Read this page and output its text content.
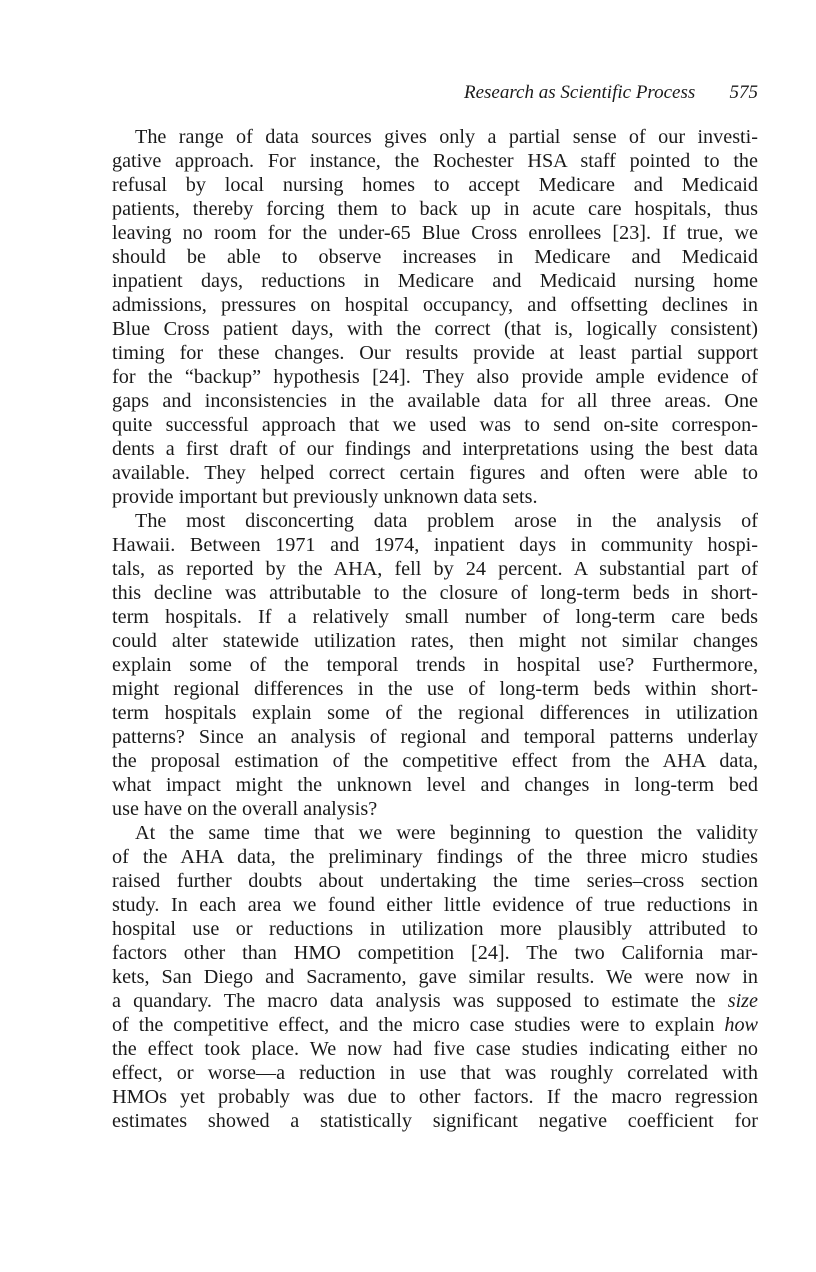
Research as Scientific Process 575
The range of data sources gives only a partial sense of our investi-
gative approach. For instance, the Rochester HSA staff pointed to the
refusal by local nursing homes to accept Medicare and Medicaid
patients, thereby forcing them to back up in acute care hospitals, thus
leaving no room for the under-65 Blue Cross enrollees [23]. If true, we
should be able to observe increases in Medicare and Medicaid
inpatient days, reductions in Medicare and Medicaid nursing home
admissions, pressures on hospital occupancy, and offsetting declines in
Blue Cross patient days, with the correct (that is, logically consistent)
timing for these changes. Our results provide at least partial support
for the “backup” hypothesis [24]. They also provide ample evidence of
gaps and inconsistencies in the available data for all three areas. One
quite successful approach that we used was to send on-site correspon-
dents a first draft of our findings and interpretations using the best data
available. They helped correct certain figures and often were able to
provide important but previously unknown data sets.
The most disconcerting data problem arose in the analysis of
Hawaii. Between 1971 and 1974, inpatient days in community hospi-
tals, as reported by the AHA, fell by 24 percent. A substantial part of
this decline was attributable to the closure of long-term beds in short-
term hospitals. If a relatively small number of long-term care beds
could alter statewide utilization rates, then might not similar changes
explain some of the temporal trends in hospital use? Furthermore,
might regional differences in the use of long-term beds within short-
term hospitals explain some of the regional differences in utilization
patterns? Since an analysis of regional and temporal patterns underlay
the proposal estimation of the competitive effect from the AHA data,
what impact might the unknown level and changes in long-term bed
use have on the overall analysis?
At the same time that we were beginning to question the validity
of the AHA data, the preliminary findings of the three micro studies
raised further doubts about undertaking the time series–cross section
study. In each area we found either little evidence of true reductions in
hospital use or reductions in utilization more plausibly attributed to
factors other than HMO competition [24]. The two California mar-
kets, San Diego and Sacramento, gave similar results. We were now in
a quandary. The macro data analysis was supposed to estimate the size
of the competitive effect, and the micro case studies were to explain how
the effect took place. We now had five case studies indicating either no
effect, or worse—a reduction in use that was roughly correlated with
HMOs yet probably was due to other factors. If the macro regression
estimates showed a statistically significant negative coefficient for
